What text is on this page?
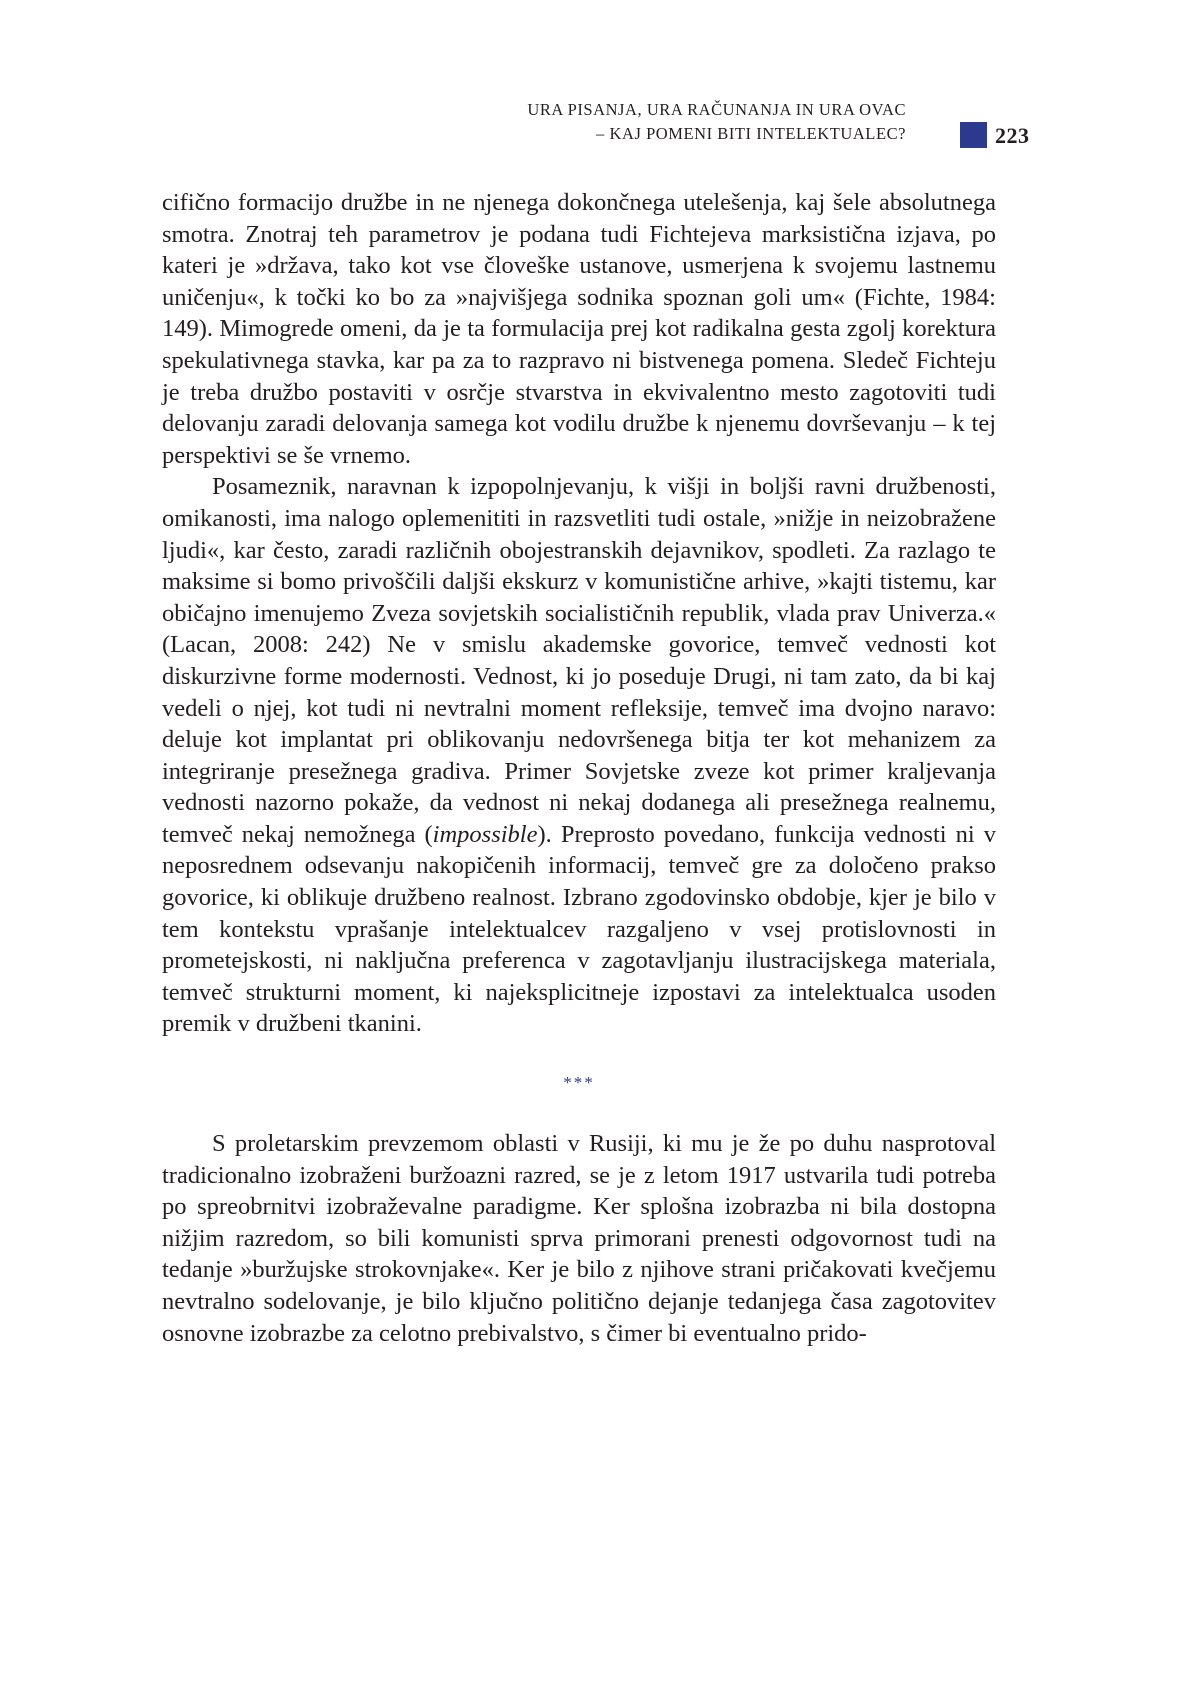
URA PISANJA, URA RAČUNANJA IN URA OVAC
– KAJ POMENI BITI INTELEKTUALEC?	223

cifično formacijo družbe in ne njenega dokončnega utelešenja, kaj šele absolutnega smotra. Znotraj teh parametrov je podana tudi Fichtejeva marksistična izjava, po kateri je »država, tako kot vse človeške ustanove, usmerjena k svojemu lastnemu uničenju«, k točki ko bo za »najvišjega sodnika spoznan goli um« (Fichte, 1984: 149). Mimogrede omeni, da je ta formulacija prej kot radikalna gesta zgolj korektura spekulativnega stavka, kar pa za to razpravo ni bistvenega pomena. Sledeč Fichteju je treba družbo postaviti v osrčje stvarstva in ekvivalentno mesto zagotoviti tudi delovanju zaradi delovanja samega kot vodilu družbe k njenemu dovrševanju – k tej perspektivi se še vrnemo.

Posameznik, naravnan k izpopolnjevanju, k višji in boljši ravni družbenosti, omikanosti, ima nalogo oplemenititi in razsvetliti tudi ostale, »nižje in neizobražene ljudi«, kar često, zaradi različnih obojestranskih dejavnikov, spodleti. Za razlago te maksime si bomo privoščili daljši ekskurz v komunistične arhive, »kajti tistemu, kar običajno imenujemo Zveza sovjetskih socialističnih republik, vlada prav Univerza.« (Lacan, 2008: 242) Ne v smislu akademske govorice, temveč vednosti kot diskurzivne forme modernosti. Vednost, ki jo poseduje Drugi, ni tam zato, da bi kaj vedeli o njej, kot tudi ni nevtralni moment refleksije, temveč ima dvojno naravo: deluje kot implantat pri oblikovanju nedovršenega bitja ter kot mehanizem za integriranje presežnega gradiva. Primer Sovjetske zveze kot primer kraljevanja vednosti nazorno pokaže, da vednost ni nekaj dodanega ali presežnega realnemu, temveč nekaj nemožnega (impossible). Preprosto povedano, funkcija vednosti ni v neposrednem odsevanju nakopičenih informacij, temveč gre za določeno prakso govorice, ki oblikuje družbeno realnost. Izbrano zgodovinsko obdobje, kjer je bilo v tem kontekstu vprašanje intelektualcev razgaljeno v vsej protislovnosti in prometejskosti, ni naključna preferenca v zagotavljanju ilustracijskega materiala, temveč strukturni moment, ki najeksplicitneje izpostavi za intelektualca usoden premik v družbeni tkanini.

***

S proletarskim prevzemom oblasti v Rusiji, ki mu je že po duhu nasprotoval tradicionalno izobraženi buržoazni razred, se je z letom 1917 ustvarila tudi potreba po spreobrnitvi izobraževalne paradigme. Ker splošna izobrazba ni bila dostopna nižjim razredom, so bili komunisti sprva primorani prenesti odgovornost tudi na tedanje »buržujske strokovnjake«. Ker je bilo z njihove strani pričakovati kvečjemu nevtralno sodelovanje, je bilo ključno politično dejanje tedanjega časa zagotovitev osnovne izobrazbe za celotno prebivalstvo, s čimer bi eventualno prido-
